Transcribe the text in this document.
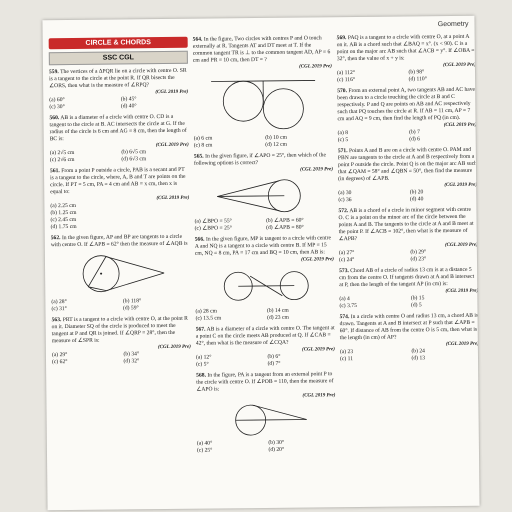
Geometry
CIRCLE & CHORDS
SSC CGL
559. The vertices of a ΔPQR lie on a circle with centre O. SR is a tangent to the circle at the point R. If QR bisects the ∠ORS, then what is the measure of ∠RPQ?
(CGL 2019 Pre)
(a) 60°	(b) 45°
(c) 30°	(d) 40°
560. AB is a diameter of a circle with centre O. CD is a tangent to the circle at B. AC intersects the circle at G. If the radius of the circle is 6 cm and AG = 8 cm, then the length of BC is:
(CGL 2019 Pre)
(a) 2√5 cm	(b) 6√5 cm
(c) 2√6 cm	(d) 6√3 cm
561. From a point P outside a circle, PAB is a secant and PT is a tangent to the circle, where, A, B and T are points on the circle. If PT = 5 cm, PA = 4 cm and AB = x cm, then x is equal to:
(CGL 2019 Pre)
(a) 2.25 cm
(b) 1.25 cm
(c) 2.45 cm
(d) 1.75 cm
562. In the given figure, AP and BP are tangents to a circle with centre O. If ∠APB = 62° then the measure of ∠AQB is
(a) 28°	(b) 118°
(c) 31°	(d) 59°
563. PRT is a tangent to a circle with centre O, at the point R on it. Diameter SQ of the circle is produced to meet the tangent at P and QR is joined. If ∠QRP = 28°, then the measure of ∠SPR is:
(CGL 2019 Pre)
(a) 29°	(b) 34°
(c) 62°	(d) 32°
564. In the figure, Two circles with centres P and O touch externally at R. Tangents AT and DT meet at T. If the common tangent TR is ⊥ to the common tangent AD, AP = 6 cm and PR = 10 cm, then DT = ?
(CGL 2019 Pre)
(a) 6 cm	(b) 10 cm
(c) 8 cm	(d) 12 cm
565. In the given figure, if ∠APO = 25°, then which of the following options is correct?
(CGL 2019 Pre)
(a) ∠BPO = 55°	(b) ∠APB = 60°
(c) ∠BPO = 25°	(d) ∠APB = 80°
566. In the given figure, MP is tangent to a circle with centre A and NQ is a tangent to a circle with centre B. If MP = 15 cm, NQ = 8 cm, PA = 17 cm and BQ = 10 cm, then AB is:
(CGL 2019 Pre)
(a) 28 cm	(b) 14 cm
(c) 13.5 cm	(d) 23 cm
567. AB is a diameter of a circle with centre O. The tangent at a point C on the circle meets AB produced at Q. If ∠CAB = 42°, then what is the measure of ∠CQA?
(CGL 2019 Pre)
(a) 12°	(b) 6°
(c) 5°	(d) 7°
568. In the figure, PA is a tangent from an external point P to the circle with centre O. If ∠POB = 110, then the measure of ∠APO is:
(CGL 2019 Pre)
(a) 40°	(b) 30°
(c) 25°	(d) 20°
569. PAQ is a tangent to a circle with centre O, at a point A on it. AB is a chord such that ∠BAQ = x°. (x < 90). C is a point on the major arc AB such that ∠ACB = y°. If ∠OBA = 32°, then the value of x + y is:
(CGL 2019 Pre)
(a) 112°	(b) 98°
(c) 116°	(d) 110°
570. From an external point A, two tangents AB and AC have been drawn to a circle touching the circle at B and C respectively. P and Q are points on AB and AC respectively such that PQ touches the circle at R. If AB = 11 cm, AP = 7 cm and AQ = 9 cm, then find the length of PQ (in cm).
(CGL 2019 Pre)
(a) 8	(b) 7
(c) 5	(d) 6
571. Points A and B are on a circle with centre O. PAM and PBN are tangents to the circle at A and B respectively from a point P outside the circle. Point Q is on the major arc AB such that ∠QAM = 58° and ∠QBN = 50°, then find the measure (in degrees) of ∠APB.
(CGL 2019 Pre)
(a) 30	(b) 20
(c) 36	(d) 40
572. AB is a chord of a circle in minor segment with centre O. C is a point on the minor arc of the circle between the points A and B. The tangents to the circle at A and B meet at the point P. If ∠ACB = 102°, then what is the measure of ∠APB?
(CGL 2019 Pre)
(a) 27°	(b) 29°
(c) 24°	(d) 23°
573. Chord AB of a circle of radius 13 cm is at a distance 5 cm from the centre O. If tangents drawn at A and B intersect at P, then the length of the tangent AP (in cm) is:
(CGL 2019 Pre)
(a) 4	(b) 15
(c) 3.75	(d) 5
574. In a circle with centre O and radius 13 cm, a chord AB is drawn. Tangents at A and B intersect at P such that ∠APB = 60°. If distance of AB from the centre O is 5 cm, then what is the length (in cm) of AP?
(CGL 2019 Pre)
(a) 23	(b) 24
(c) 11	(d) 13
